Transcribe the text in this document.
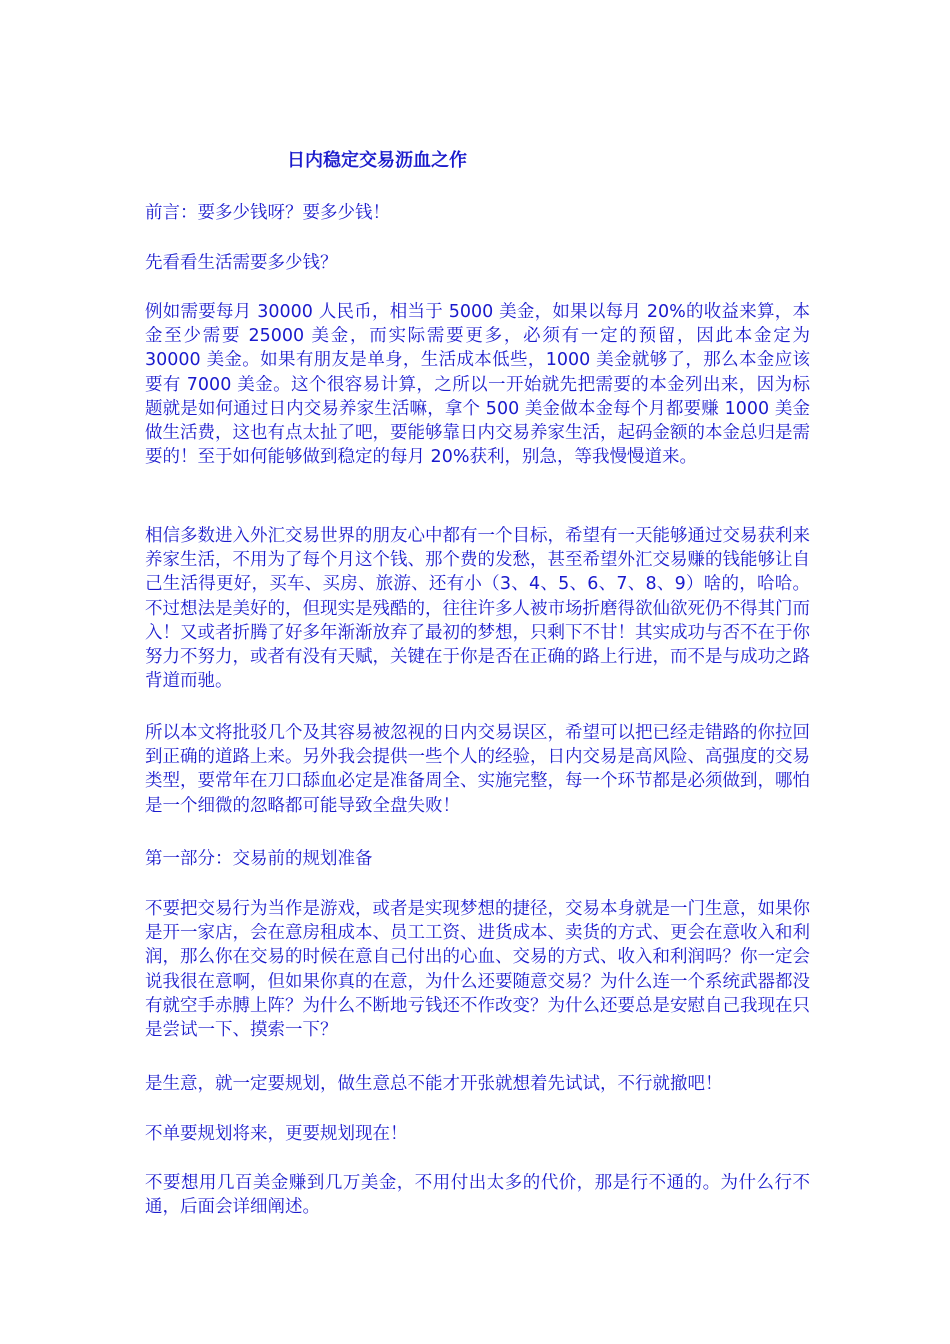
日内稳定交易沥血之作

前言：要多少钱呀？要多少钱！

先看看生活需要多少钱？

例如需要每月 30000 人民币，相当于 5000 美金，如果以每月 20%的收益来算，本金至少需要 25000 美金，而实际需要更多，必须有一定的预留，因此本金定为 30000 美金。如果有朋友是单身，生活成本低些，1000 美金就够了，那么本金应该要有 7000 美金。这个很容易计算，之所以一开始就先把需要的本金列出来，因为标题就是如何通过日内交易养家生活嘛，拿个 500 美金做本金每个月都要赚 1000 美金做生活费，这也有点太扯了吧，要能够靠日内交易养家生活，起码金额的本金总归是需要的！至于如何能够做到稳定的每月 20%获利，别急，等我慢慢道来。

相信多数进入外汇交易世界的朋友心中都有一个目标，希望有一天能够通过交易获利来养家生活，不用为了每个月这个钱、那个费的发愁，甚至希望外汇交易赚的钱能够让自己生活得更好，买车、买房、旅游、还有小（3、4、5、6、7、8、9）啥的，哈哈。不过想法是美好的，但现实是残酷的，往往许多人被市场折磨得欲仙欲死仍不得其门而入！又或者折腾了好多年渐渐放弃了最初的梦想，只剩下不甘！其实成功与否不在于你努力不努力，或者有没有天赋，关键在于你是否在正确的路上行进，而不是与成功之路背道而驰。

所以本文将批驳几个及其容易被忽视的日内交易误区，希望可以把已经走错路的你拉回到正确的道路上来。另外我会提供一些个人的经验，日内交易是高风险、高强度的交易类型，要常年在刀口舔血必定是准备周全、实施完整，每一个环节都是必须做到，哪怕是一个细微的忽略都可能导致全盘失败！

第一部分：交易前的规划准备

不要把交易行为当作是游戏，或者是实现梦想的捷径，交易本身就是一门生意，如果你是开一家店，会在意房租成本、员工工资、进货成本、卖货的方式、更会在意收入和利润，那么你在交易的时候在意自己付出的心血、交易的方式、收入和利润吗？你一定会说我很在意啊，但如果你真的在意，为什么还要随意交易？为什么连一个系统武器都没有就空手赤膊上阵？为什么不断地亏钱还不作改变？为什么还要总是安慰自己我现在只是尝试一下、摸索一下？

是生意，就一定要规划，做生意总不能才开张就想着先试试，不行就撤吧！

不单要规划将来，更要规划现在！

不要想用几百美金赚到几万美金，不用付出太多的代价，那是行不通的。为什么行不通，后面会详细阐述。
